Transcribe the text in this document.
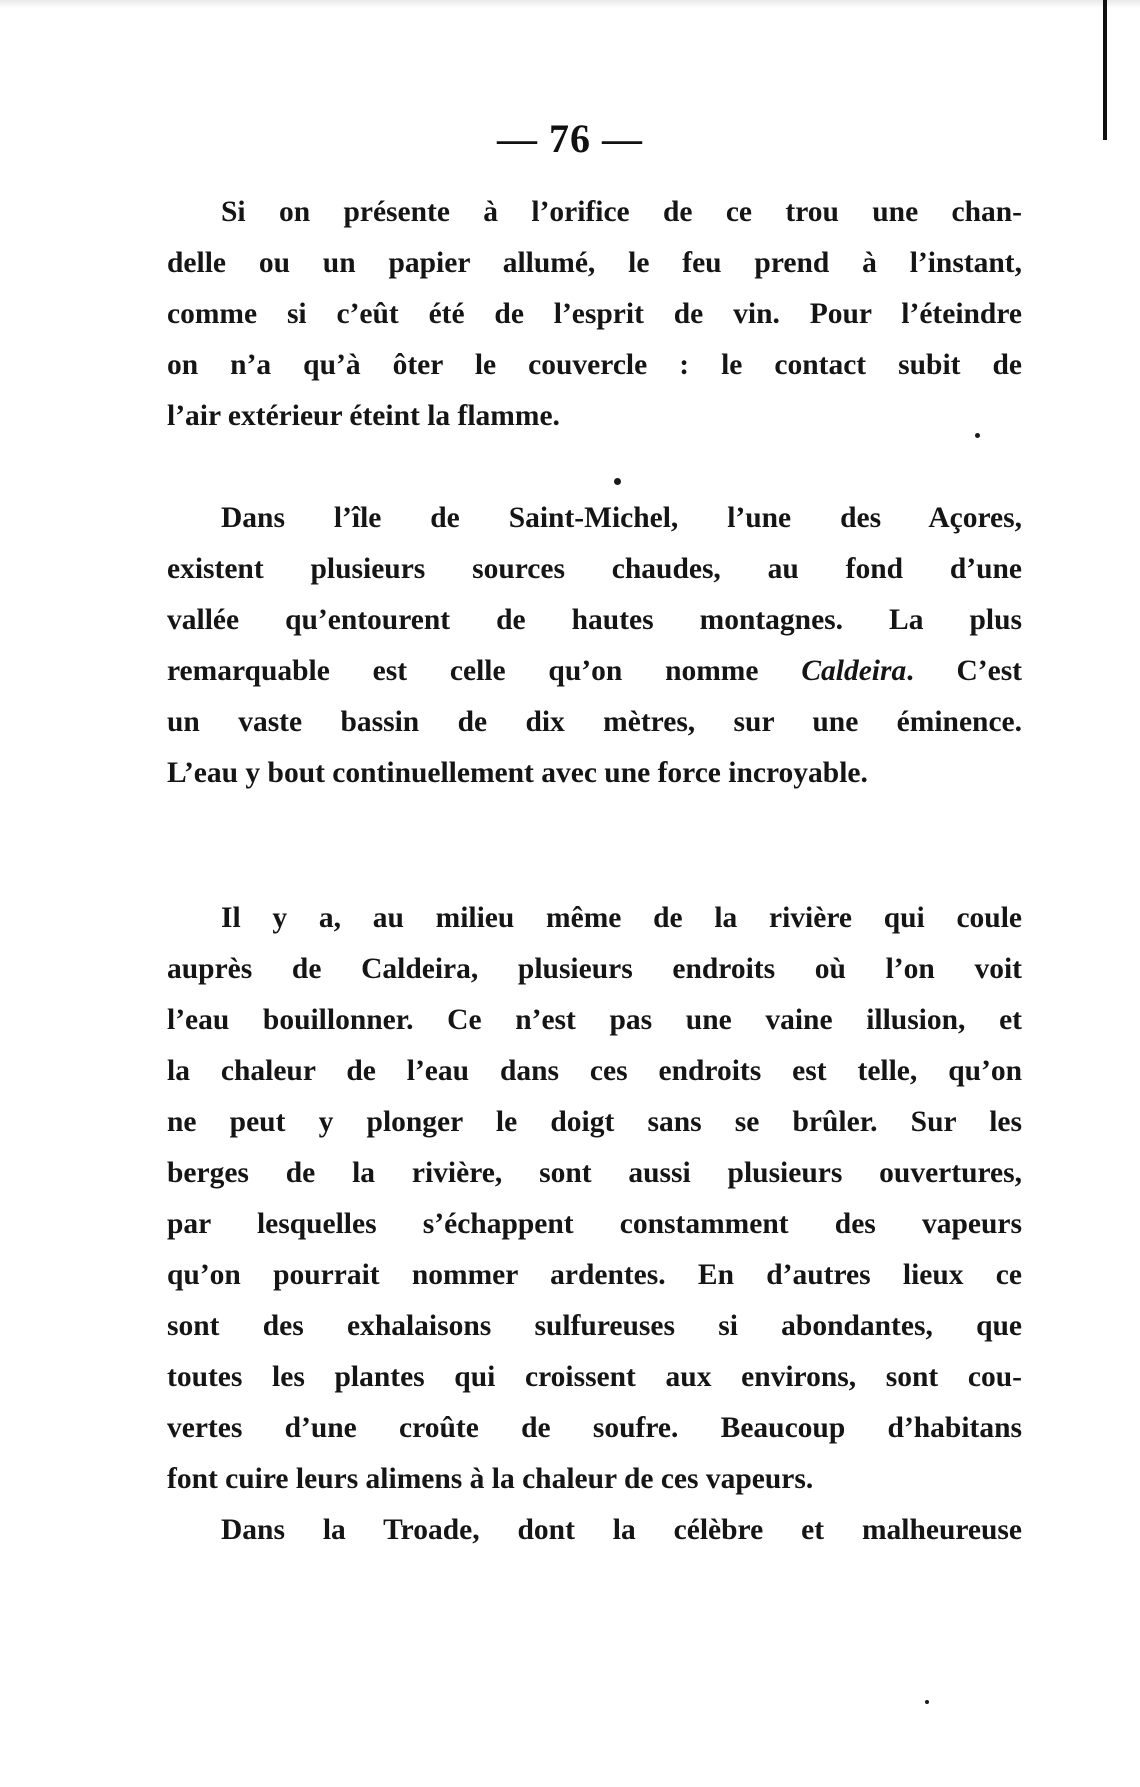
— 76 —
Si on présente à l’orifice de ce trou une chan-
delle ou un papier allumé, le feu prend à l’instant,
comme si c’eût été de l’esprit de vin. Pour l’éteindre
on n’a qu’à ôter le couvercle : le contact subit de
l’air extérieur éteint la flamme.
Dans l’île de Saint-Michel, l’une des Açores,
existent plusieurs sources chaudes, au fond d’une
vallée qu’entourent de hautes montagnes. La plus
remarquable est celle qu’on nomme Caldeira. C’est
un vaste bassin de dix mètres, sur une éminence.
L’eau y bout continuellement avec une force incroyable.
Il y a, au milieu même de la rivière qui coule
auprès de Caldeira, plusieurs endroits où l’on voit
l’eau bouillonner. Ce n’est pas une vaine illusion, et
la chaleur de l’eau dans ces endroits est telle, qu’on
ne peut y plonger le doigt sans se brûler. Sur les
berges de la rivière, sont aussi plusieurs ouvertures,
par lesquelles s’échappent constamment des vapeurs
qu’on pourrait nommer ardentes. En d’autres lieux ce
sont des exhalaisons sulfureuses si abondantes, que
toutes les plantes qui croissent aux environs, sont cou-
vertes d’une croûte de soufre. Beaucoup d’habitans
font cuire leurs alimens à la chaleur de ces vapeurs.
Dans la Troade, dont la célèbre et malheureuse
